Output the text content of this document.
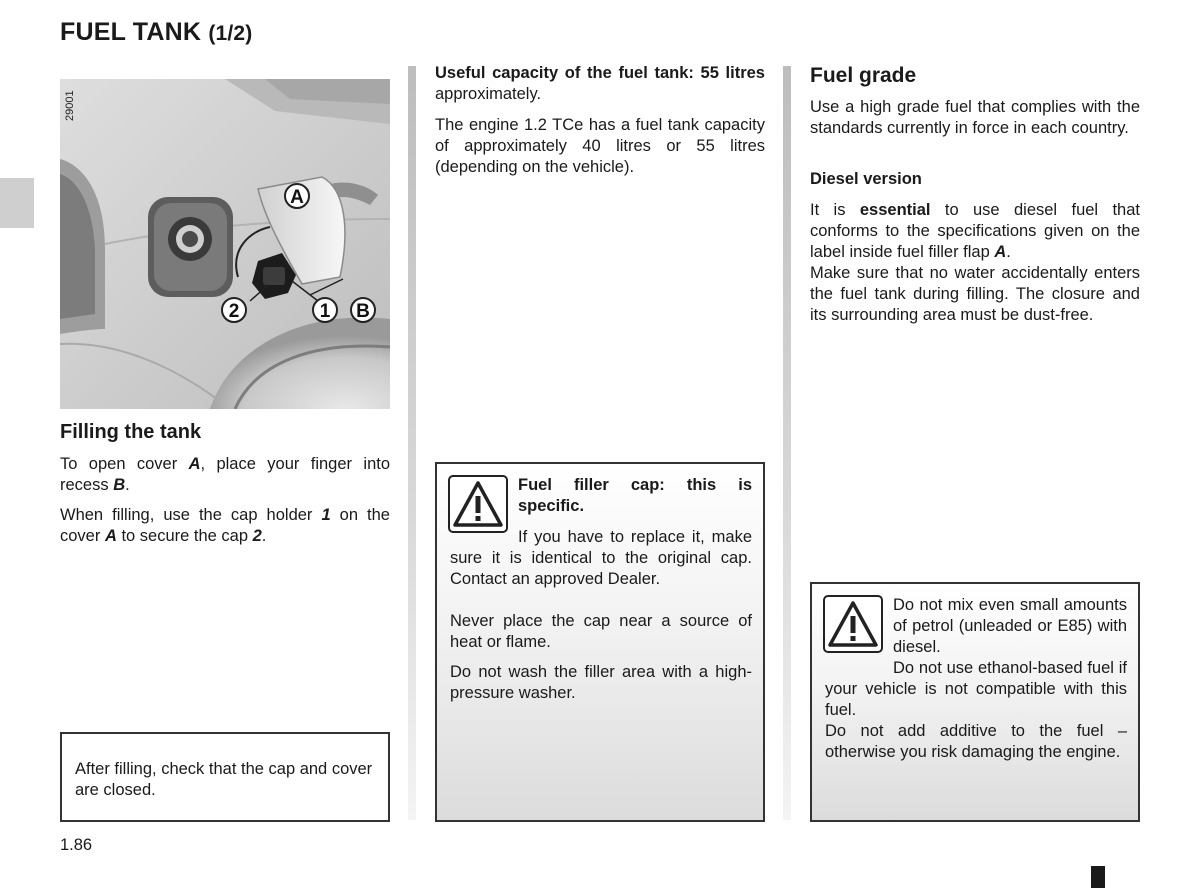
FUEL TANK (1/2)
A
2	1 B
29001
Filling the tank
To open cover A, place your finger into recess B.
When filling, use the cap holder 1 on the cover A to secure the cap 2.
After filling, check that the cap and cover are closed.
Useful capacity of the fuel tank: 55 litres approximately.
The engine 1.2 TCe has a fuel tank capacity of approximately 40 litres or 55 litres (depending on the vehicle).
Fuel filler cap: this is specific.
If you have to replace it, make sure it is identical to the original cap. Contact an approved Dealer.
Never place the cap near a source of heat or flame.
Do not wash the filler area with a high-pressure washer.
Fuel grade
Use a high grade fuel that complies with the standards currently in force in each country.
Diesel version
It is essential to use diesel fuel that conforms to the specifications given on the label inside fuel filler flap A.
Make sure that no water accidentally enters the fuel tank during filling. The closure and its surrounding area must be dust-free.
Do not mix even small amounts of petrol (unleaded or E85) with diesel.
Do not use ethanol-based fuel if your vehicle is not compatible with this fuel.
Do not add additive to the fuel – otherwise you risk damaging the engine.
1.86
